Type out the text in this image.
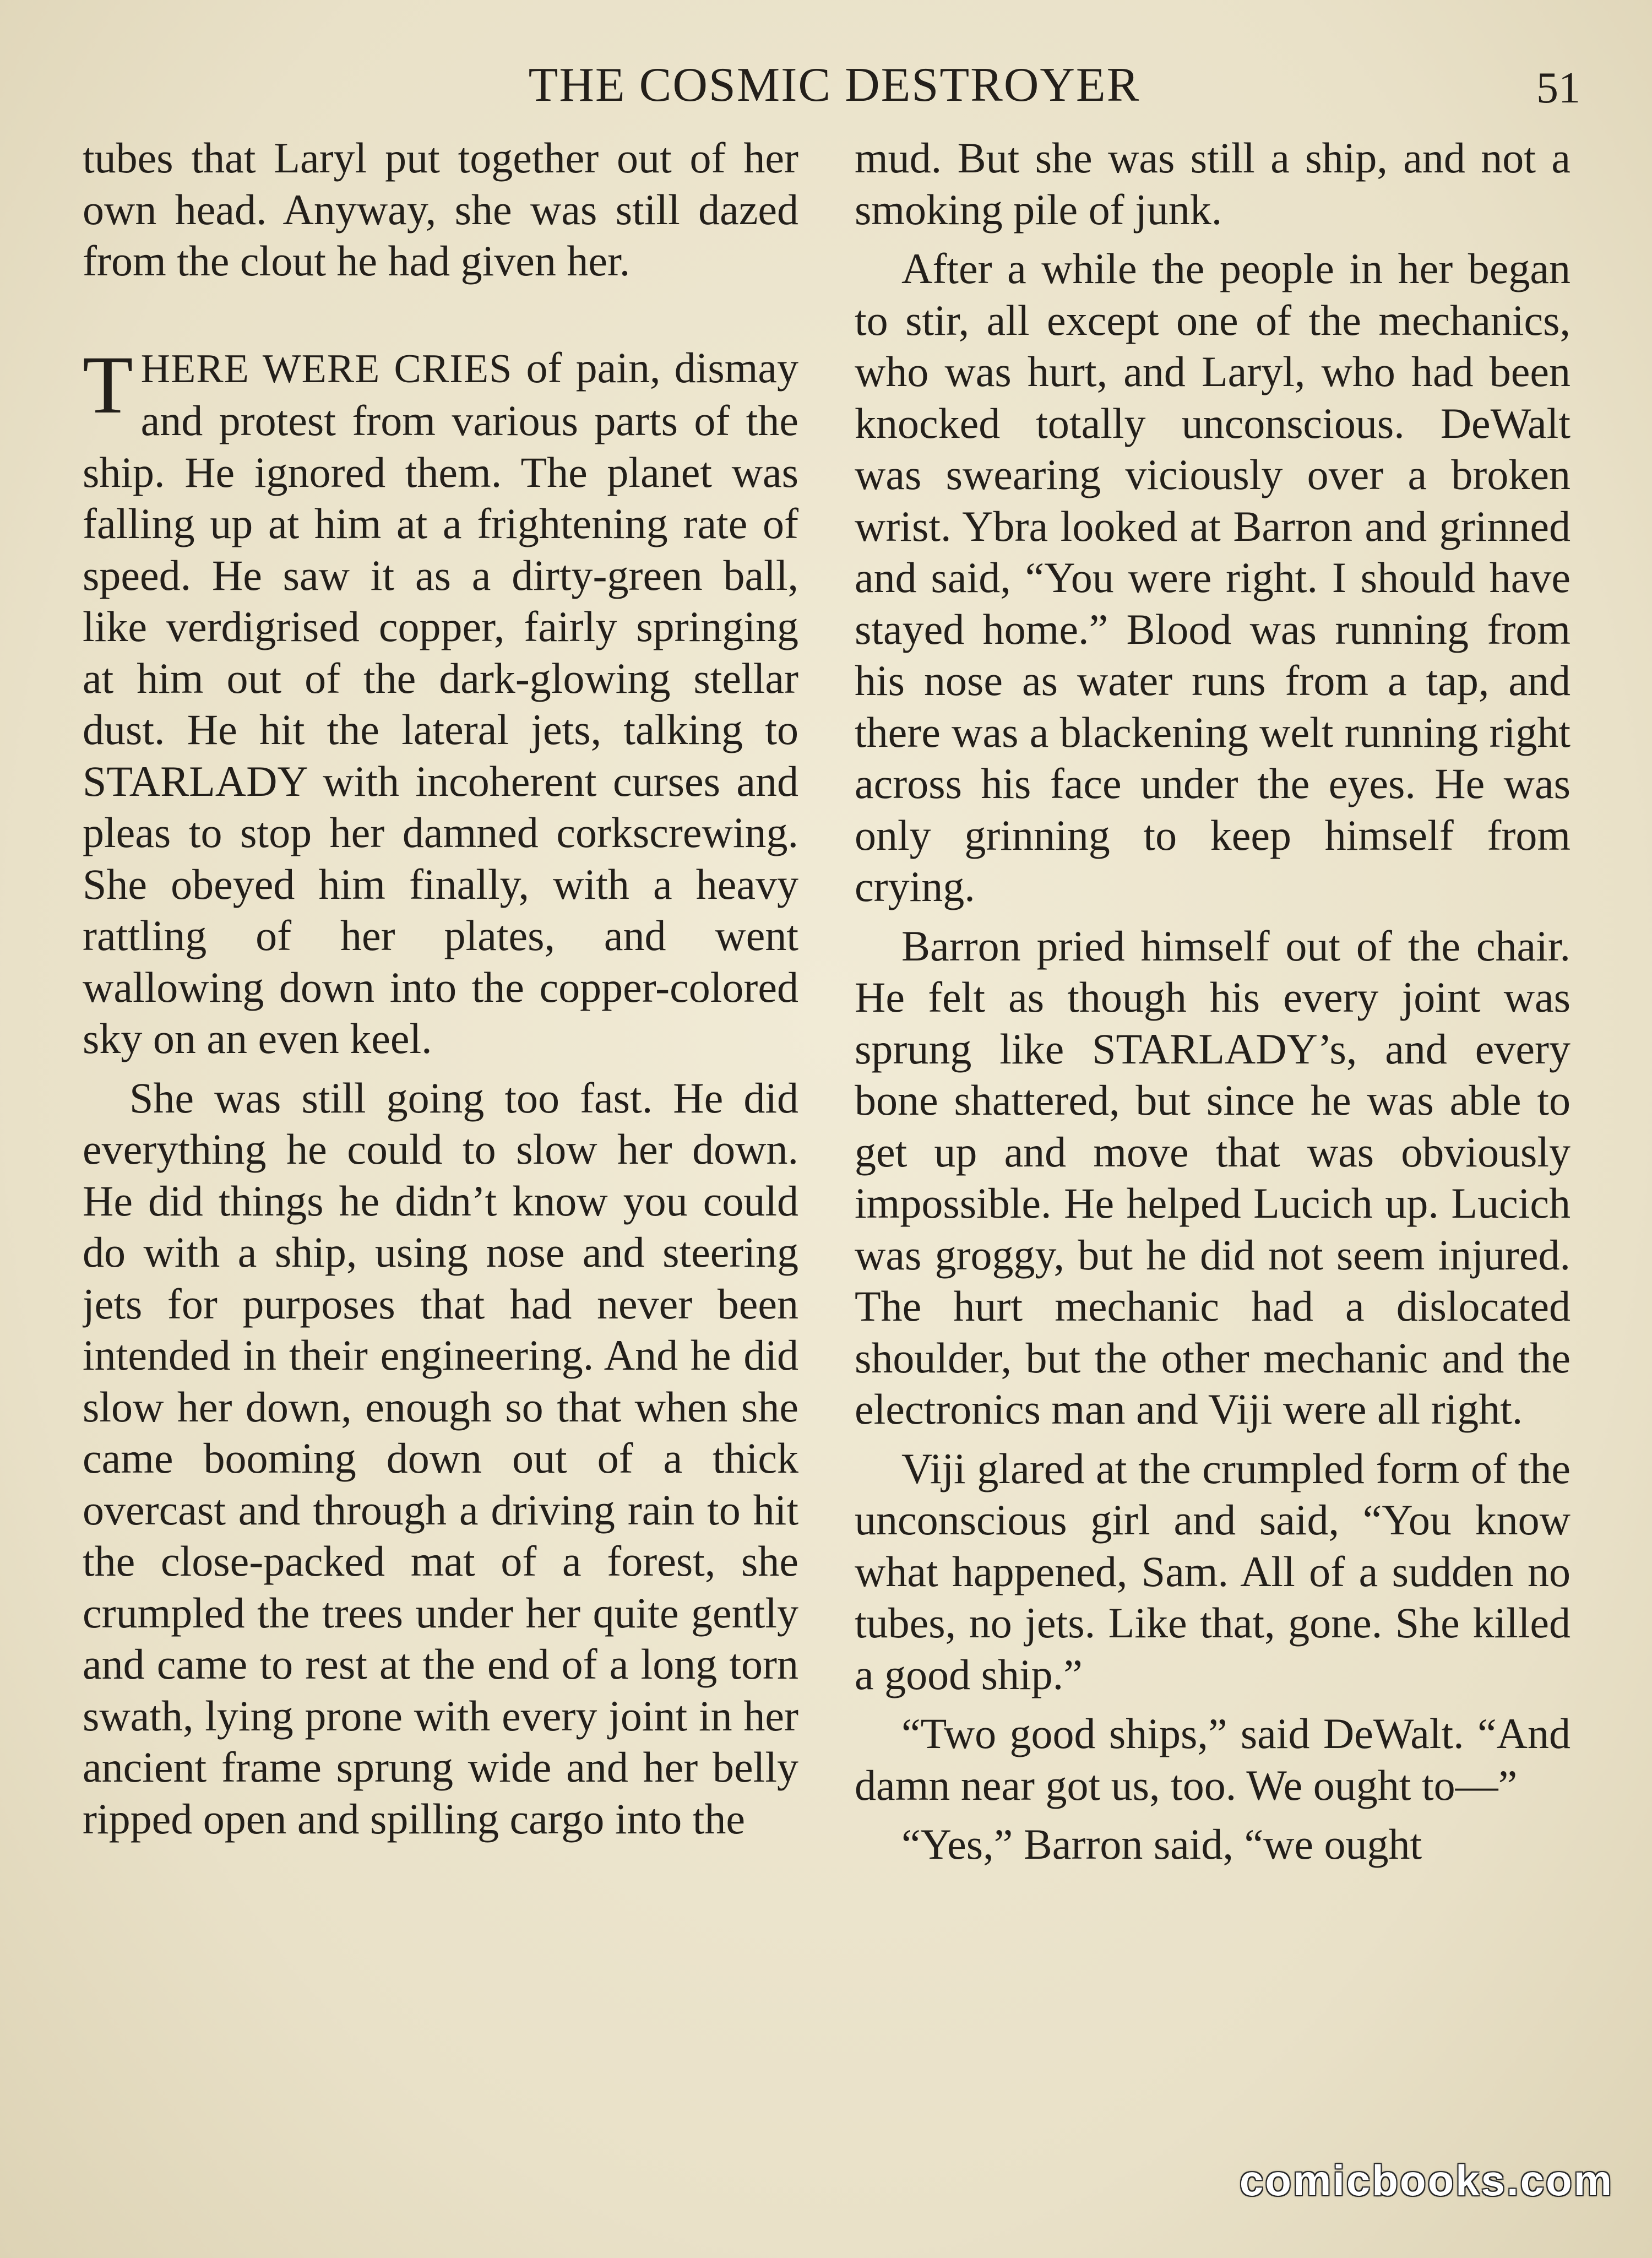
THE COSMIC DESTROYER	51

tubes that Laryl put together out of her own head. Anyway, she was still dazed from the clout he had given her.

THERE WERE CRIES of pain, dismay and protest from various parts of the ship. He ignored them. The planet was falling up at him at a frightening rate of speed. He saw it as a dirty-green ball, like verdigrised copper, fairly springing at him out of the dark-glowing stellar dust. He hit the lateral jets, talking to STARLADY with incoherent curses and pleas to stop her damned corkscrewing. She obeyed him finally, with a heavy rattling of her plates, and went wallowing down into the copper-colored sky on an even keel.

She was still going too fast. He did everything he could to slow her down. He did things he didn’t know you could do with a ship, using nose and steering jets for purposes that had never been intended in their engineering. And he did slow her down, enough so that when she came booming down out of a thick overcast and through a driving rain to hit the close-packed mat of a forest, she crumpled the trees under her quite gently and came to rest at the end of a long torn swath, lying prone with every joint in her ancient frame sprung wide and her belly ripped open and spilling cargo into the

mud. But she was still a ship, and not a smoking pile of junk.

After a while the people in her began to stir, all except one of the mechanics, who was hurt, and Laryl, who had been knocked totally unconscious. DeWalt was swearing viciously over a broken wrist. Ybra looked at Barron and grinned and said, “You were right. I should have stayed home.” Blood was running from his nose as water runs from a tap, and there was a blackening welt running right across his face under the eyes. He was only grinning to keep himself from crying.

Barron pried himself out of the chair. He felt as though his every joint was sprung like STARLADY’s, and every bone shattered, but since he was able to get up and move that was obviously impossible. He helped Lucich up. Lucich was groggy, but he did not seem injured. The hurt mechanic had a dislocated shoulder, but the other mechanic and the electronics man and Viji were all right.

Viji glared at the crumpled form of the unconscious girl and said, “You know what happened, Sam. All of a sudden no tubes, no jets. Like that, gone. She killed a good ship.”

“Two good ships,” said DeWalt. “And damn near got us, too. We ought to—”

“Yes,” Barron said, “we ought

comicbooks.com
